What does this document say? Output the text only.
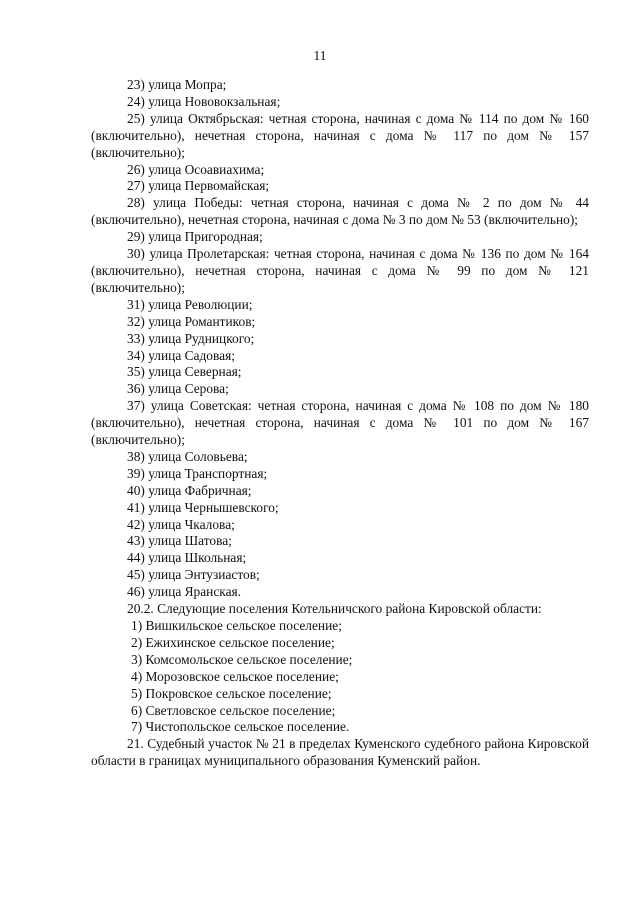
11

23) улица Мопра;

24) улица Нововокзальная;

25) улица Октябрьская: четная сторона, начиная с дома № 114 по дом № 160 (включительно), нечетная сторона, начиная с дома № 117 по дом № 157 (включительно);

26) улица Осоавиахима;

27) улица Первомайская;

28) улица Победы: четная сторона, начиная с дома № 2 по дом № 44 (включительно), нечетная сторона, начиная с дома № 3 по дом № 53 (включительно);

29) улица Пригородная;

30) улица Пролетарская: четная сторона, начиная с дома № 136 по дом № 164 (включительно), нечетная сторона, начиная с дома № 99 по дом № 121 (включительно);

31) улица Революции;

32) улица Романтиков;

33) улица Рудницкого;

34) улица Садовая;

35) улица Северная;

36) улица Серова;

37) улица Советская: четная сторона, начиная с дома № 108 по дом № 180 (включительно), нечетная сторона, начиная с дома № 101 по дом № 167 (включительно);

38) улица Соловьева;

39) улица Транспортная;

40) улица Фабричная;

41) улица Чернышевского;

42) улица Чкалова;

43) улица Шатова;

44) улица Школьная;

45) улица Энтузиастов;

46) улица Яранская.

20.2. Следующие поселения Котельничского района Кировской области:

1) Вишкильское сельское поселение;

2) Ежихинское сельское поселение;

3) Комсомольское сельское поселение;

4) Морозовское сельское поселение;

5) Покровское сельское поселение;

6) Светловское сельское поселение;

7) Чистопольское сельское поселение.

21. Судебный участок № 21 в пределах Куменского судебного района Кировской области в границах муниципального образования Куменский район.
